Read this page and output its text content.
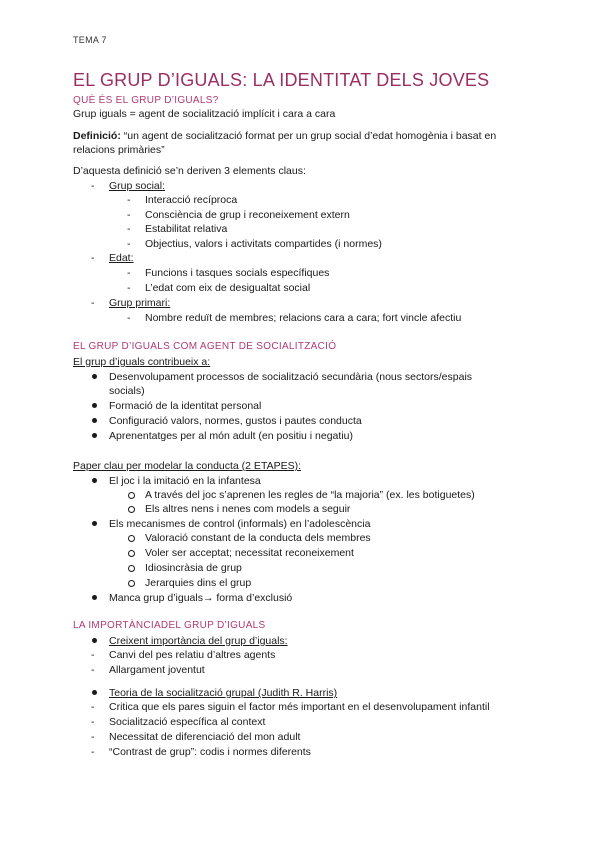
TEMA 7
EL GRUP D’IGUALS: LA IDENTITAT DELS JOVES
QUÈ ÉS EL GRUP D’IGUALS?
Grup iguals = agent de socialització implícit i cara a cara
Definició: “un agent de socialització format per un grup social d’edat homogènia i basat en
relacions primàries”
D’aquesta definició se’n deriven 3 elements claus:
- Grup social:
- Interacció recíproca
- Consciència de grup i reconeixement extern
- Estabilitat relativa
- Objectius, valors i activitats compartides (i normes)
- Edat:
- Funcions i tasques socials específiques
- L’edat com eix de desigualtat social
- Grup primari:
- Nombre reduït de membres; relacions cara a cara; fort vincle afectiu
EL GRUP D’IGUALS COM AGENT DE SOCIALITZACIÓ
El grup d’iguals contribueix a:
Desenvolupament processos de socialització secundària (nous sectors/espais
socials)
Formació de la identitat personal
Configuració valors, normes, gustos i pautes conducta
Aprenentatges per al món adult (en positiu i negatiu)
Paper clau per modelar la conducta (2 ETAPES):
El joc i la imitació en la infantesa
A través del joc s’aprenen les regles de “la majoria” (ex. les botiguetes)
Els altres nens i nenes com models a seguir
Els mecanismes de control (informals) en l’adolescència
Valoració constant de la conducta dels membres
Voler ser acceptat; necessitat reconeixement
Idiosincràsia de grup
Jerarquies dins el grup
Manca grup d’iguals→ forma d’exclusió
LA IMPORTÀNCIADEL GRUP D’IGUALS
Creixent importància del grup d’iguals:
- Canvi del pes relatiu d’altres agents
- Allargament joventut
Teoria de la socialització grupal (Judith R. Harris)
- Critica que els pares siguin el factor més important en el desenvolupament infantil
- Socialització específica al context
- Necessitat de diferenciació del mon adult
- “Contrast de grup”: codis i normes diferents
